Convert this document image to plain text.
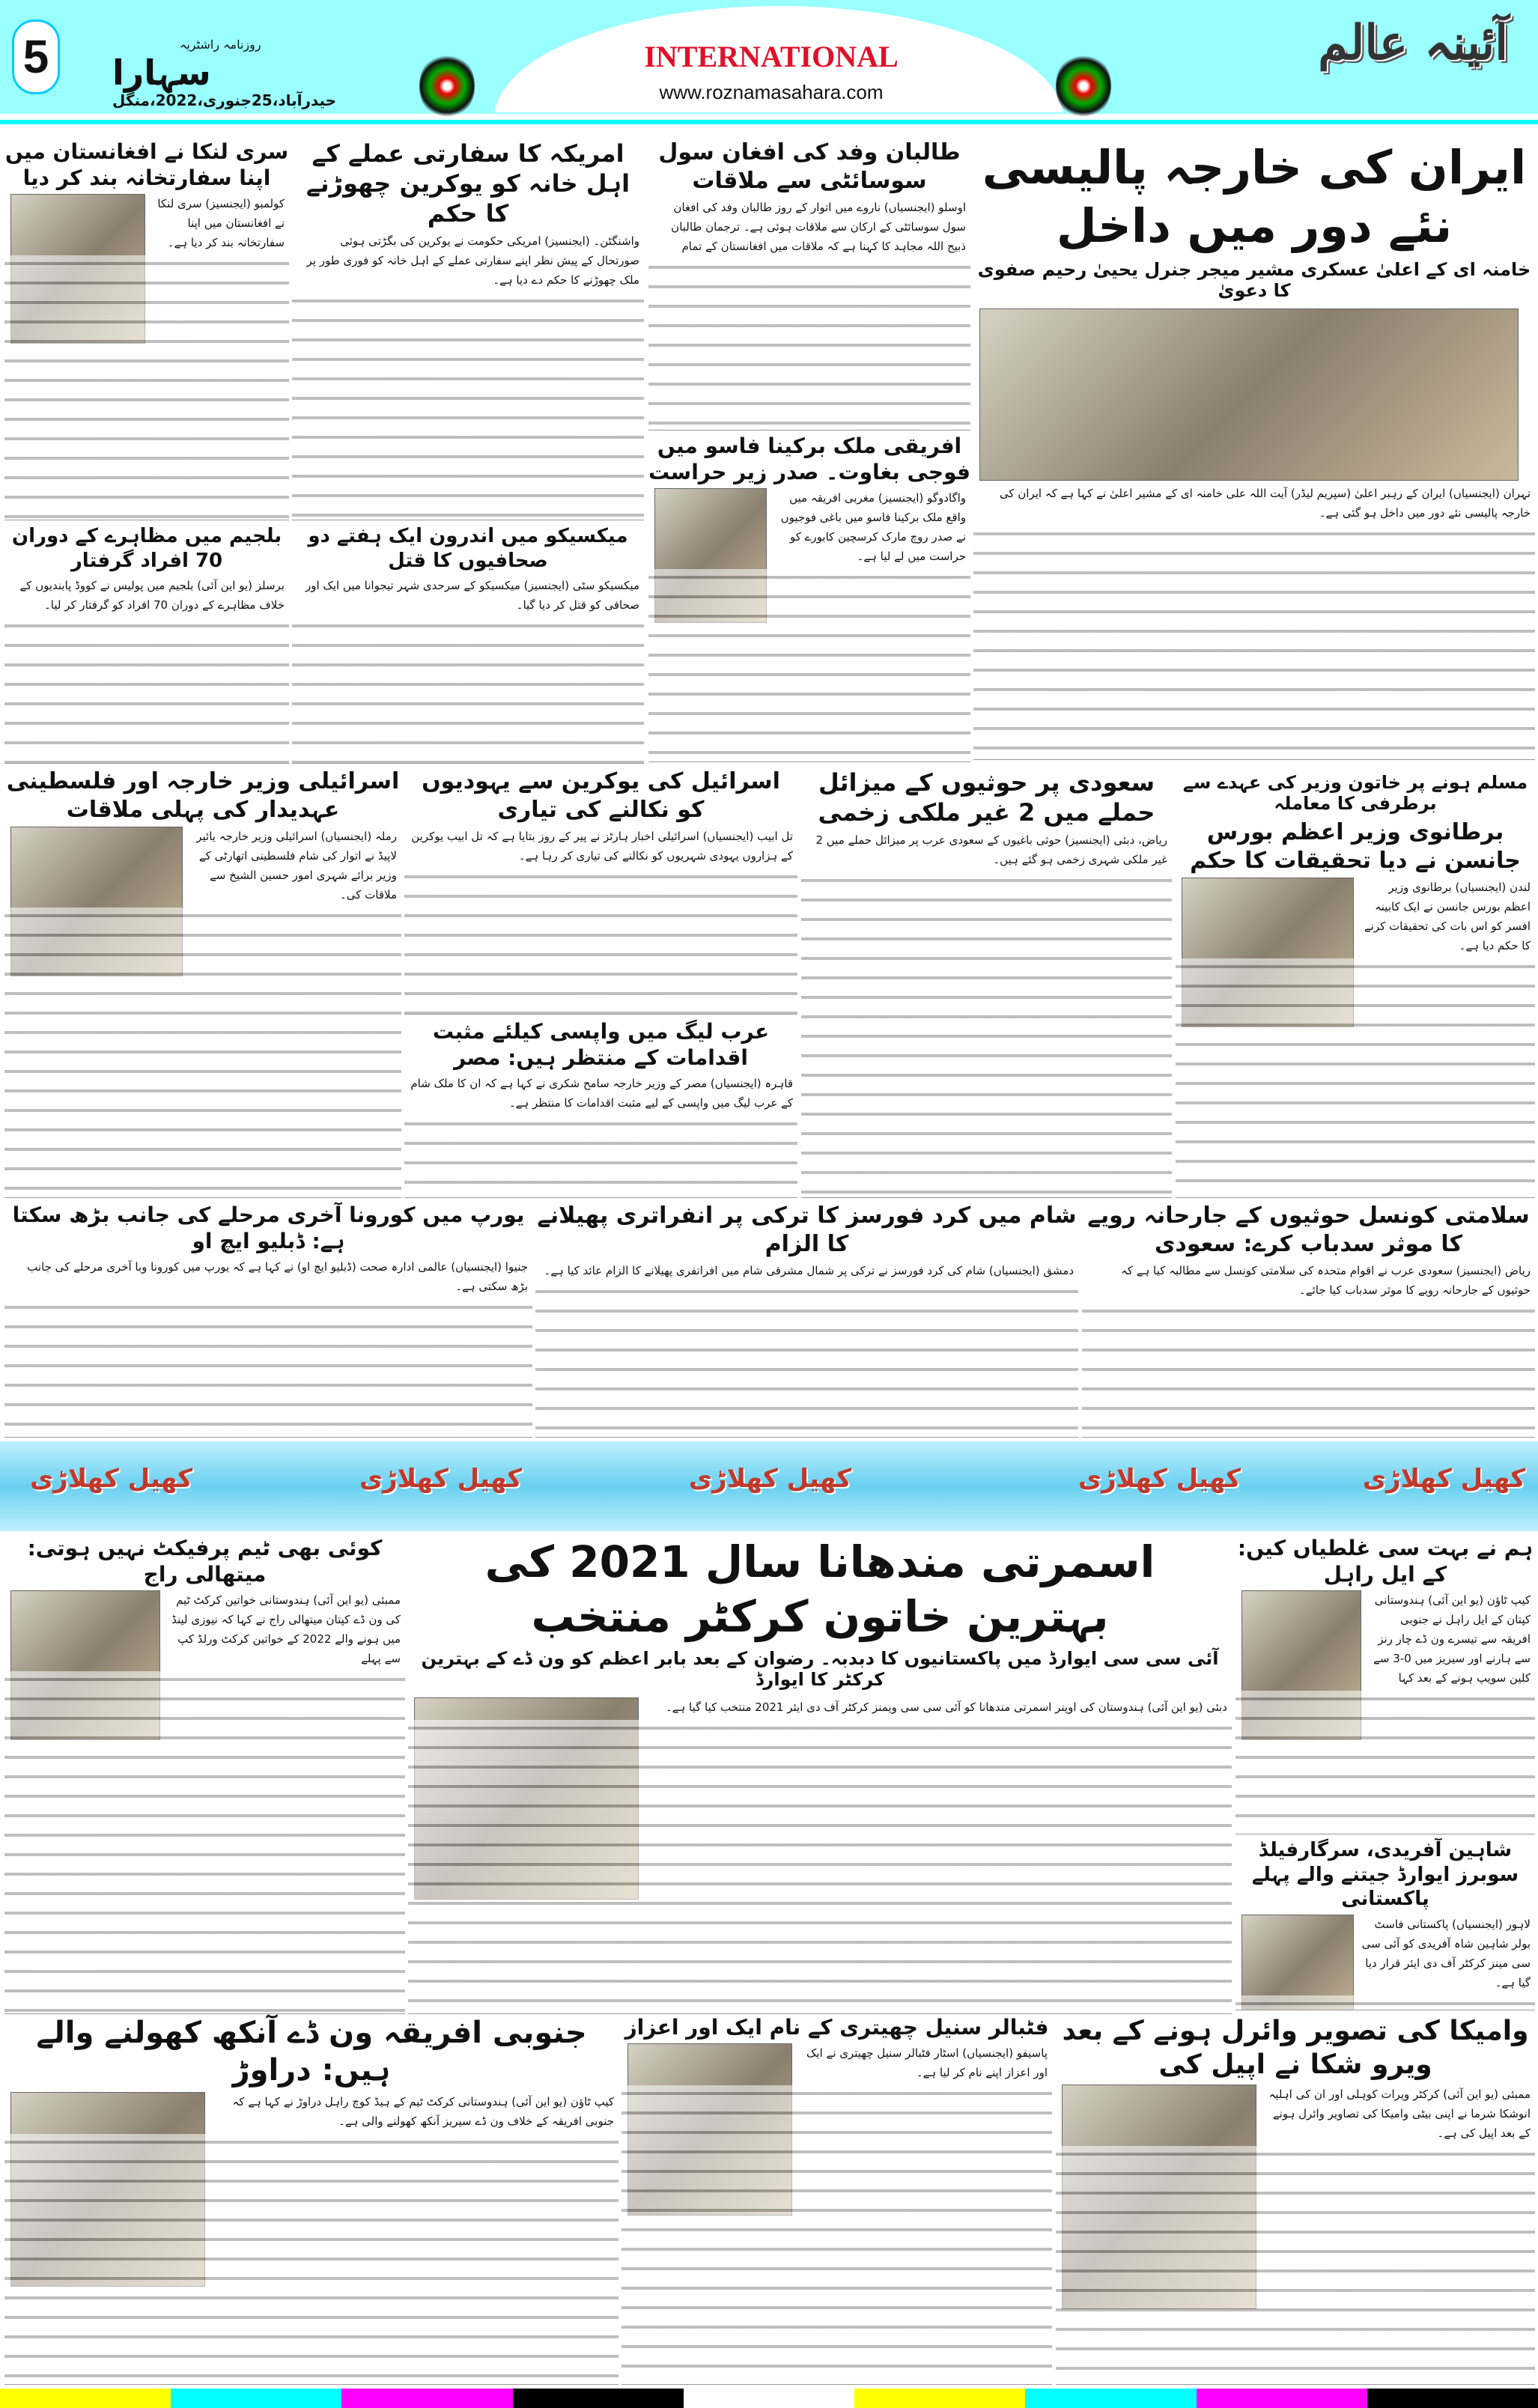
5	روزنامہ راشٹریہ
سہارا
حیدرآباد،25جنوری،2022،منگل
INTERNATIONAL
www.roznamasahara.com
آئینہ عالم
کھیل کھلاڑی	کھیل کھلاڑی	کھیل کھلاڑی	کھیل کھلاڑی	کھیل کھلاڑی
ایران کی خارجہ پالیسی نئے دور میں داخل
خامنہ ای کے اعلیٰ عسکری مشیر میجر جنرل یحییٰ رحیم صفوی کا دعویٰ
تہران (ایجنسیاں) ایران کے رہبر اعلیٰ (سپریم لیڈر) آیت اللہ علی خامنہ ای کے مشیر اعلیٰ نے کہا ہے کہ ایران کی خارجہ پالیسی نئے دور میں داخل ہو گئی ہے۔
طالبان وفد کی افغان سول سوسائٹی سے ملاقات
اوسلو (ایجنسیاں) ناروے میں اتوار کے روز طالبان وفد کی افغان سول سوسائٹی کے ارکان سے ملاقات ہوئی ہے۔ ترجمان طالبان ذبیح اللہ مجاہد کا کہنا ہے کہ ملاقات میں افغانستان کے تمام
افریقی ملک برکینا فاسو میں فوجی بغاوت۔ صدر زیر حراست
واگادوگو (ایجنسیز) مغربی افریقہ میں واقع ملک برکینا فاسو میں باغی فوجیوں نے صدر روچ مارک کرسچین کابورے کو حراست میں لے لیا ہے۔
امریکہ کا سفارتی عملے کے اہل خانہ کو یوکرین چھوڑنے کا حکم
واشنگٹن۔ (ایجنسیز) امریکی حکومت نے یوکرین کی بگڑتی ہوئی صورتحال کے پیش نظر اپنے سفارتی عملے کے اہل خانہ کو فوری طور پر ملک چھوڑنے کا حکم دے دیا ہے۔
سری لنکا نے افغانستان میں اپنا سفارتخانہ بند کر دیا
کولمبو (ایجنسیز) سری لنکا نے افغانستان میں اپنا سفارتخانہ بند کر دیا ہے۔
میکسیکو میں اندرون ایک ہفتے دو صحافیوں کا قتل
میکسیکو سٹی (ایجنسیز) میکسیکو کے سرحدی شہر تیجوانا میں ایک اور صحافی کو قتل کر دیا گیا۔
بلجیم میں مظاہرے کے دوران 70 افراد گرفتار
برسلز (یو این آئی) بلجیم میں پولیس نے کووڈ پابندیوں کے خلاف مظاہرے کے دوران 70 افراد کو گرفتار کر لیا۔
مسلم ہونے پر خاتون وزیر کی عہدے سے برطرفی کا معاملہ
برطانوی وزیر اعظم بورس جانسن نے دیا تحقیقات کا حکم
لندن (ایجنسیاں) برطانوی وزیر اعظم بورس جانسن نے ایک کابینہ افسر کو اس بات کی تحقیقات کرنے کا حکم دیا ہے۔
سعودی پر حوثیوں کے میزائل حملے میں 2 غیر ملکی زخمی
ریاض، دبئی (ایجنسیز) حوثی باغیوں کے سعودی عرب پر میزائل حملے میں 2 غیر ملکی شہری زخمی ہو گئے ہیں۔
اسرائیل کی یوکرین سے یہودیوں کو نکالنے کی تیاری
تل ابیب (ایجنسیاں) اسرائیلی اخبار ہارٹز نے پیر کے روز بتایا ہے کہ تل ابیب یوکرین کے ہزاروں یہودی شہریوں کو نکالنے کی تیاری کر رہا ہے۔
عرب لیگ میں واپسی کیلئے مثبت اقدامات کے منتظر ہیں: مصر
قاہرہ (ایجنسیاں) مصر کے وزیر خارجہ سامح شکری نے کہا ہے کہ ان کا ملک شام کے عرب لیگ میں واپسی کے لیے مثبت اقدامات کا منتظر ہے۔
اسرائیلی وزیر خارجہ اور فلسطینی عہدیدار کی پہلی ملاقات
رملہ (ایجنسیاں) اسرائیلی وزیر خارجہ یائیر لاپیڈ نے اتوار کی شام فلسطینی اتھارٹی کے وزیر برائے شہری امور حسین الشیخ سے ملاقات کی۔
سلامتی کونسل حوثیوں کے جارحانہ رویے کا موثر سدباب کرے: سعودی
ریاض (ایجنسیز) سعودی عرب نے اقوام متحدہ کی سلامتی کونسل سے مطالبہ کیا ہے کہ حوثیوں کے جارحانہ رویے کا موثر سدباب کیا جائے۔
شام میں کرد فورسز کا ترکی پر انفراتری پھیلانے کا الزام
دمشق (ایجنسیاں) شام کی کرد فورسز نے ترکی پر شمال مشرقی شام میں افراتفری پھیلانے کا الزام عائد کیا ہے۔
یورپ میں کورونا آخری مرحلے کی جانب بڑھ سکتا ہے: ڈبلیو ایچ او
جنیوا (ایجنسیاں) عالمی ادارہ صحت (ڈبلیو ایچ او) نے کہا ہے کہ یورپ میں کورونا وبا آخری مرحلے کی جانب بڑھ سکتی ہے۔
ہم نے بہت سی غلطیاں کیں: کے ایل راہل
کیپ ٹاؤن (یو این آئی) ہندوستانی کپتان کے ایل راہل نے جنوبی افریقہ سے تیسرے ون ڈے چار رنز سے ہارنے اور سیریز میں 0-3 سے کلین سویپ ہونے کے بعد کہا
شاہین آفریدی، سرگارفیلڈ سوبرز ایوارڈ جیتنے والے پہلے پاکستانی
لاہور (ایجنسیاں) پاکستانی فاسٹ بولر شاہین شاہ آفریدی کو آئی سی سی مینز کرکٹر آف دی ایئر قرار دیا گیا ہے۔
اسمرتی مندھانا سال 2021 کی بہترین خاتون کرکٹر منتخب
آئی سی سی ایوارڈ میں پاکستانیوں کا دبدبہ۔ رضوان کے بعد بابر اعظم کو ون ڈے کے بہترین کرکٹر کا ایوارڈ
دبئی (یو این آئی) ہندوستان کی اوپنر اسمرتی مندھانا کو آئی سی سی ویمنز کرکٹر آف دی ایئر 2021 منتخب کیا گیا ہے۔
کوئی بھی ٹیم پرفیکٹ نہیں ہوتی: میتھالی راج
ممبئی (یو این آئی) ہندوستانی خواتین کرکٹ ٹیم کی ون ڈے کپتان میتھالی راج نے کہا کہ نیوزی لینڈ میں ہونے والے 2022 کے خواتین کرکٹ ورلڈ کپ سے پہلے
وامیکا کی تصویر وائرل ہونے کے بعد ویرو شکا نے اپیل کی
ممبئی (یو این آئی) کرکٹر ویرات کوہلی اور ان کی اہلیہ انوشکا شرما نے اپنی بیٹی وامیکا کی تصاویر وائرل ہونے کے بعد اپیل کی ہے۔
فٹبالر سنیل چھیتری کے نام ایک اور اعزاز
پاسیفو (ایجنسیاں) اسٹار فٹبالر سنیل چھیتری نے ایک اور اعزاز اپنے نام کر لیا ہے۔
جنوبی افریقہ ون ڈے آنکھ کھولنے والے ہیں: دراوڑ
کیپ ٹاؤن (یو این آئی) ہندوستانی کرکٹ ٹیم کے ہیڈ کوچ راہل دراوڑ نے کہا ہے کہ جنوبی افریقہ کے خلاف ون ڈے سیریز آنکھ کھولنے والی ہے۔
